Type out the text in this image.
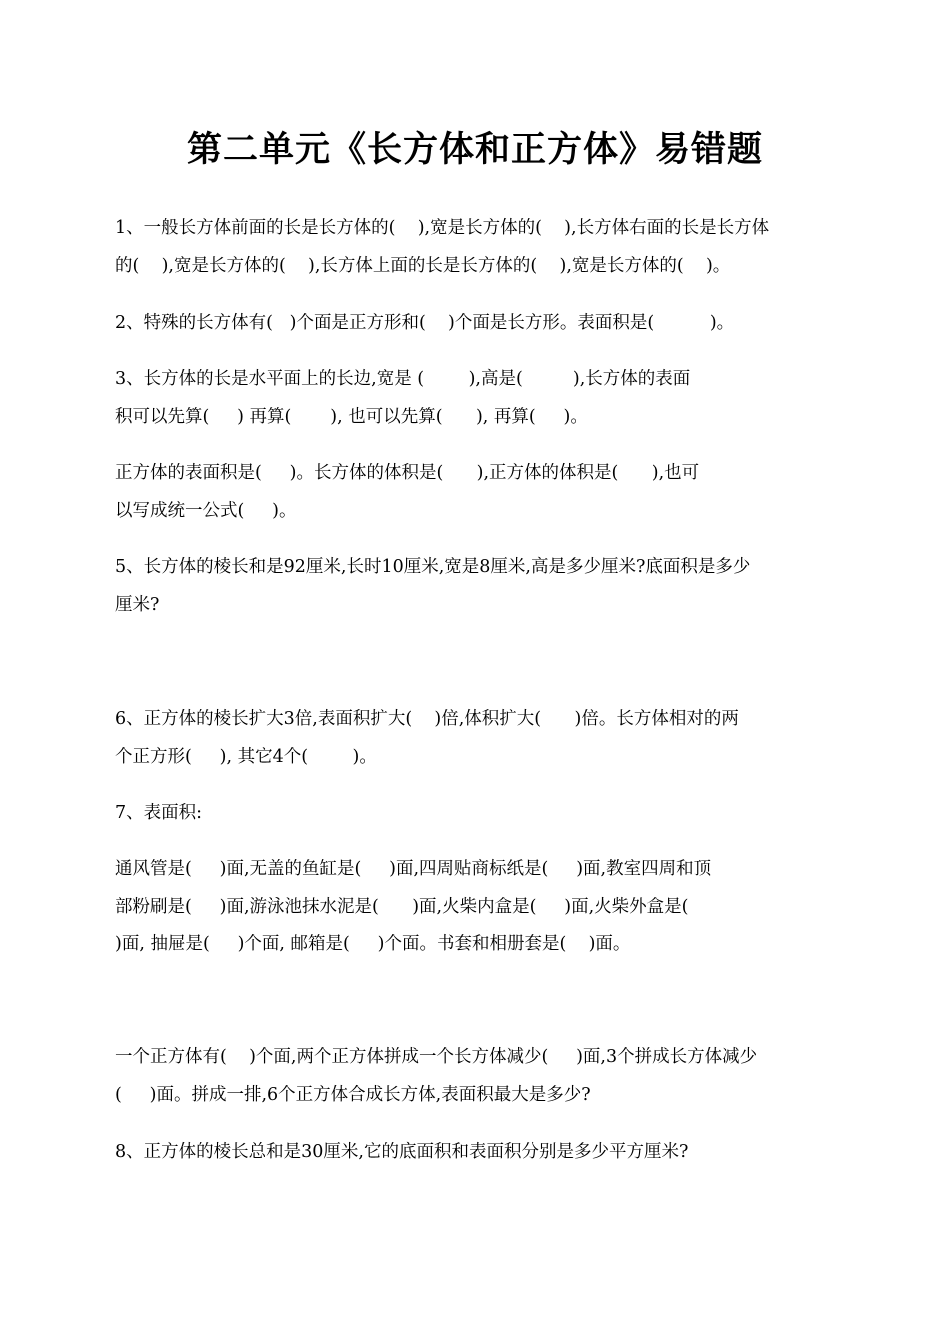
第二单元《长方体和正方体》易错题
1、一般长方体前面的长是长方体的(    ),宽是长方体的(    ),长方体右面的长是长方体
的(    ),宽是长方体的(    ),长方体上面的长是长方体的(    ),宽是长方体的(    )。
2、特殊的长方体有(   )个面是正方形和(    )个面是长方形。表面积是(          )。
3、长方体的长是水平面上的长边,宽是 (        ),高是(         ),长方体的表面
积可以先算(     ) 再算(       ), 也可以先算(      ), 再算(     )。
正方体的表面积是(     )。长方体的体积是(      ),正方体的体积是(      ),也可
以写成统一公式(     )。
5、长方体的棱长和是92厘米,长时10厘米,宽是8厘米,高是多少厘米?底面积是多少
厘米?
6、正方体的棱长扩大3倍,表面积扩大(    )倍,体积扩大(      )倍。长方体相对的两
个正方形(     ), 其它4个(        )。
7、表面积:
通风管是(     )面,无盖的鱼缸是(     )面,四周贴商标纸是(     )面,教室四周和顶
部粉刷是(     )面,游泳池抹水泥是(      )面,火柴内盒是(     )面,火柴外盒是(
)面, 抽屉是(     )个面, 邮箱是(     )个面。书套和相册套是(    )面。
一个正方体有(    )个面,两个正方体拼成一个长方体减少(     )面,3个拼成长方体减少
(     )面。拼成一排,6个正方体合成长方体,表面积最大是多少?
8、正方体的棱长总和是30厘米,它的底面积和表面积分别是多少平方厘米?
